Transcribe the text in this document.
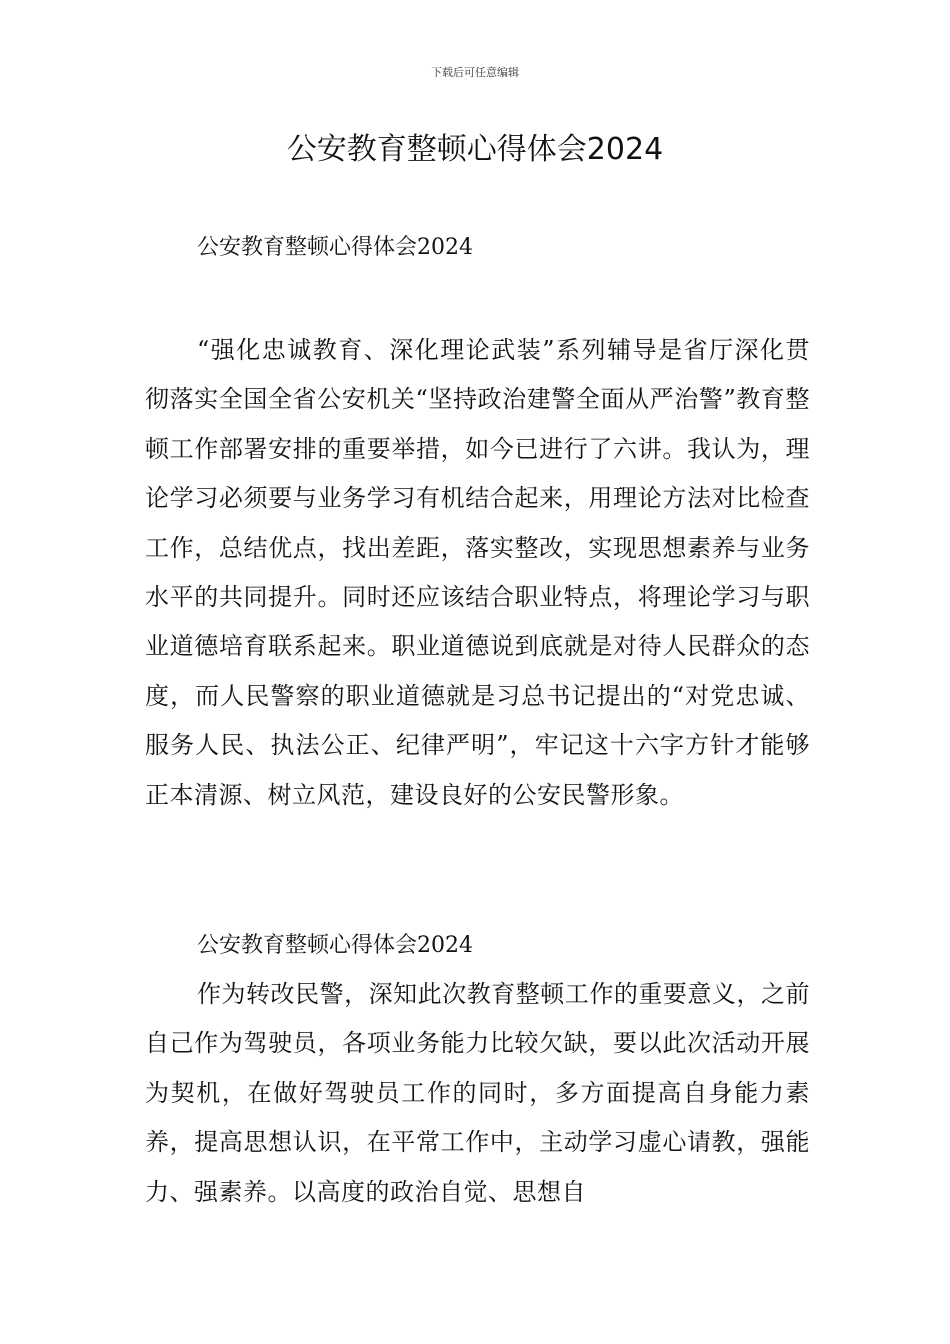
下载后可任意编辑
公安教育整顿心得体会2024
公安教育整顿心得体会2024

“强化忠诚教育、深化理论武装”系列辅导是省厅深化贯彻落实全国全省公安机关“坚持政治建警全面从严治警”教育整顿工作部署安排的重要举措，如今已进行了六讲。我认为，理论学习必须要与业务学习有机结合起来，用理论方法对比检查工作，总结优点，找出差距，落实整改，实现思想素养与业务水平的共同提升。同时还应该结合职业特点，将理论学习与职业道德培育联系起来。职业道德说到底就是对待人民群众的态度，而人民警察的职业道德就是习总书记提出的“对党忠诚、服务人民、执法公正、纪律严明”，牢记这十六字方针才能够正本清源、树立风范，建设良好的公安民警形象。

公安教育整顿心得体会2024

作为转改民警，深知此次教育整顿工作的重要意义，之前自己作为驾驶员，各项业务能力比较欠缺，要以此次活动开展为契机，在做好驾驶员工作的同时，多方面提高自身能力素养，提高思想认识，在平常工作中，主动学习虚心请教，强能力、强素养。以高度的政治自觉、思想自
